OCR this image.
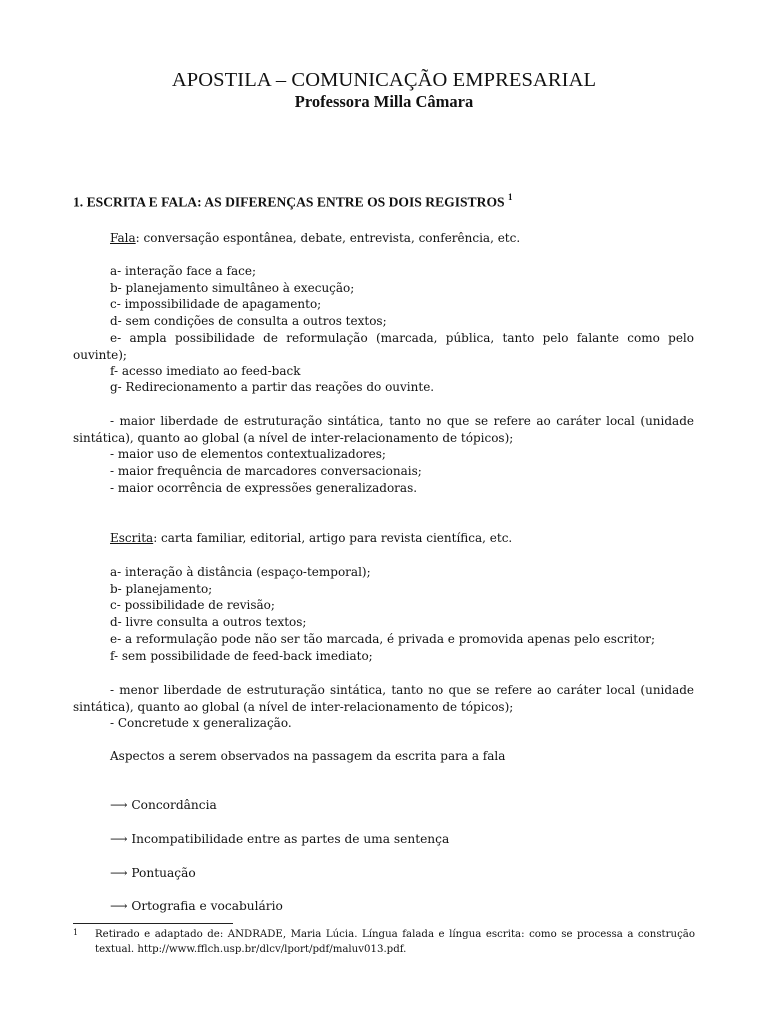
APOSTILA – COMUNICAÇÃO EMPRESARIAL
Professora Milla Câmara
1. ESCRITA E FALA: AS DIFERENÇAS ENTRE OS DOIS REGISTROS $^1$
Fala: conversação espontânea, debate, entrevista, conferência, etc.
a- interação face a face;
b- planejamento simultâneo à execução;
c- impossibilidade de apagamento;
d- sem condições de consulta a outros textos;
e- ampla possibilidade de reformulação (marcada, pública, tanto pelo falante como pelo ouvinte);
f- acesso imediato ao feed-back
g- Redirecionamento a partir das reações do ouvinte.
- maior liberdade de estruturação sintática, tanto no que se refere ao caráter local (unidade sintática), quanto ao global (a nível de inter-relacionamento de tópicos);
- maior uso de elementos contextualizadores;
- maior frequência de marcadores conversacionais;
- maior ocorrência de expressões generalizadoras.
Escrita: carta familiar, editorial, artigo para revista científica, etc.
a- interação à distância (espaço-temporal);
b- planejamento;
c- possibilidade de revisão;
d- livre consulta a outros textos;
e- a reformulação pode não ser tão marcada, é privada e promovida apenas pelo escritor;
f- sem possibilidade de feed-back imediato;
- menor liberdade de estruturação sintática, tanto no que se refere ao caráter local (unidade sintática), quanto ao global (a nível de inter-relacionamento de tópicos);
- Concretude x generalização.
Aspectos a serem observados na passagem da escrita para a fala
⟶ Concordância
⟶ Incompatibilidade entre as partes de uma sentença
⟶ Pontuação
⟶ Ortografia e vocabulário
1 Retirado e adaptado de: ANDRADE, Maria Lúcia. Língua falada e língua escrita: como se processa a construção textual. http://www.fflch.usp.br/dlcv/lport/pdf/maluv013.pdf.
